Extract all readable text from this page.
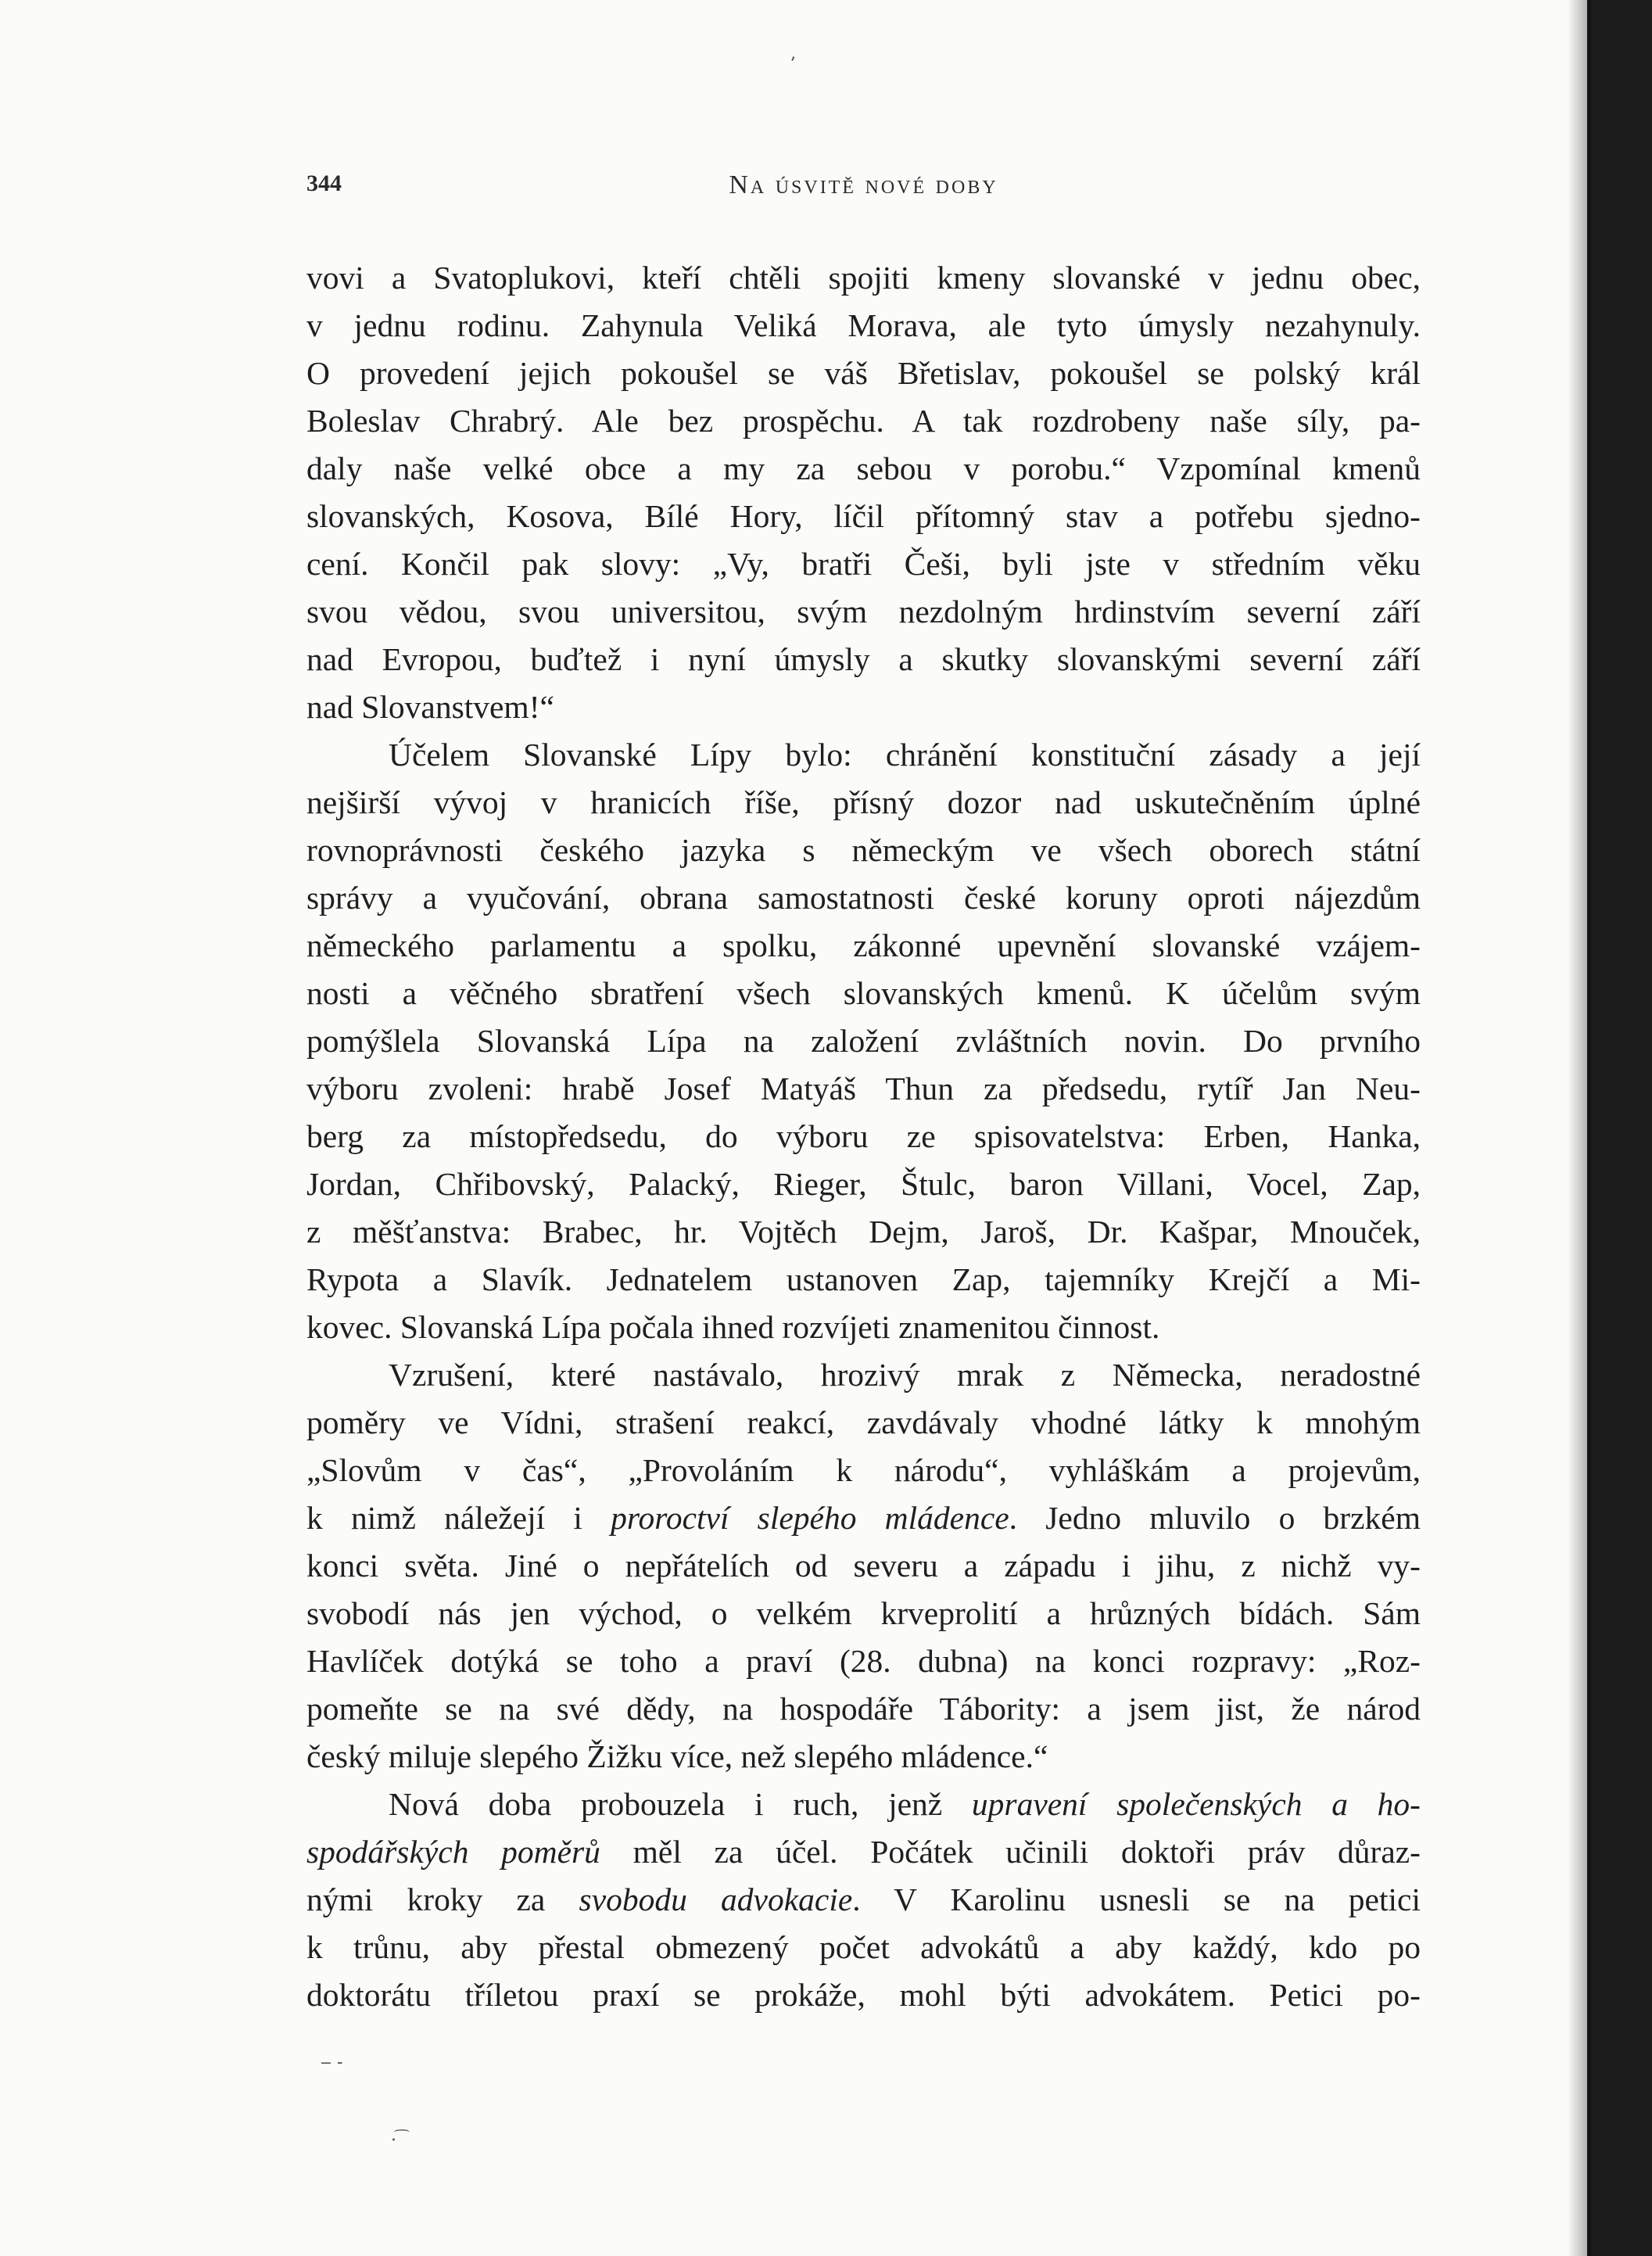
344	Na úsvitě nové doby
vovi a Svatoplukovi, kteří chtěli spojiti kmeny slovanské v jednu obec,
v jednu rodinu. Zahynula Veliká Morava, ale tyto úmysly nezahynuly.
O provedení jejich pokoušel se váš Břetislav, pokoušel se polský král
Boleslav Chrabrý. Ale bez prospěchu. A tak rozdrobeny naše síly, pa-
daly naše velké obce a my za sebou v porobu.“ Vzpomínal kmenů
slovanských, Kosova, Bílé Hory, líčil přítomný stav a potřebu sjedno-
cení. Končil pak slovy: „Vy, bratři Češi, byli jste v středním věku
svou vědou, svou universitou, svým nezdolným hrdinstvím severní září
nad Evropou, buďtež i nyní úmysly a skutky slovanskými severní září
nad Slovanstvem!“
Účelem Slovanské Lípy bylo: chránění konstituční zásady a její
nejširší vývoj v hranicích říše, přísný dozor nad uskutečněním úplné
rovnoprávnosti českého jazyka s německým ve všech oborech státní
správy a vyučování, obrana samostatnosti české koruny oproti nájezdům
německého parlamentu a spolku, zákonné upevnění slovanské vzájem-
nosti a věčného sbratření všech slovanských kmenů. K účelům svým
pomýšlela Slovanská Lípa na založení zvláštních novin. Do prvního
výboru zvoleni: hrabě Josef Matyáš Thun za předsedu, rytíř Jan Neu-
berg za místopředsedu, do výboru ze spisovatelstva: Erben, Hanka,
Jordan, Chřibovský, Palacký, Rieger, Štulc, baron Villani, Vocel, Zap,
z měšťanstva: Brabec, hr. Vojtěch Dejm, Jaroš, Dr. Kašpar, Mnouček,
Rypota a Slavík. Jednatelem ustanoven Zap, tajemníky Krejčí a Mi-
kovec. Slovanská Lípa počala ihned rozvíjeti znamenitou činnost.
Vzrušení, které nastávalo, hrozivý mrak z Německa, neradostné
poměry ve Vídni, strašení reakcí, zavdávaly vhodné látky k mnohým
„Slovům v čas“, „Provoláním k národu“, vyhláškám a projevům,
k nimž náležejí i proroctví slepého mládence. Jedno mluvilo o brzkém
konci světa. Jiné o nepřátelích od severu a západu i jihu, z nichž vy-
svobodí nás jen východ, o velkém krveprolití a hrůzných bídách. Sám
Havlíček dotýká se toho a praví (28. dubna) na konci rozpravy: „Roz-
pomeňte se na své dědy, na hospodáře Tábority: a jsem jist, že národ
český miluje slepého Žižku více, než slepého mládence.“
Nová doba probouzela i ruch, jenž upravení společenských a ho-
spodářských poměrů měl za účel. Počátek učinili doktoři práv důraz-
nými kroky za svobodu advokacie. V Karolinu usnesli se na petici
k trůnu, aby přestal obmezený počet advokátů a aby každý, kdo po
doktorátu tříletou praxí se prokáže, mohl býti advokátem. Petici po-
ʼ
‒ ‑
· ͡
